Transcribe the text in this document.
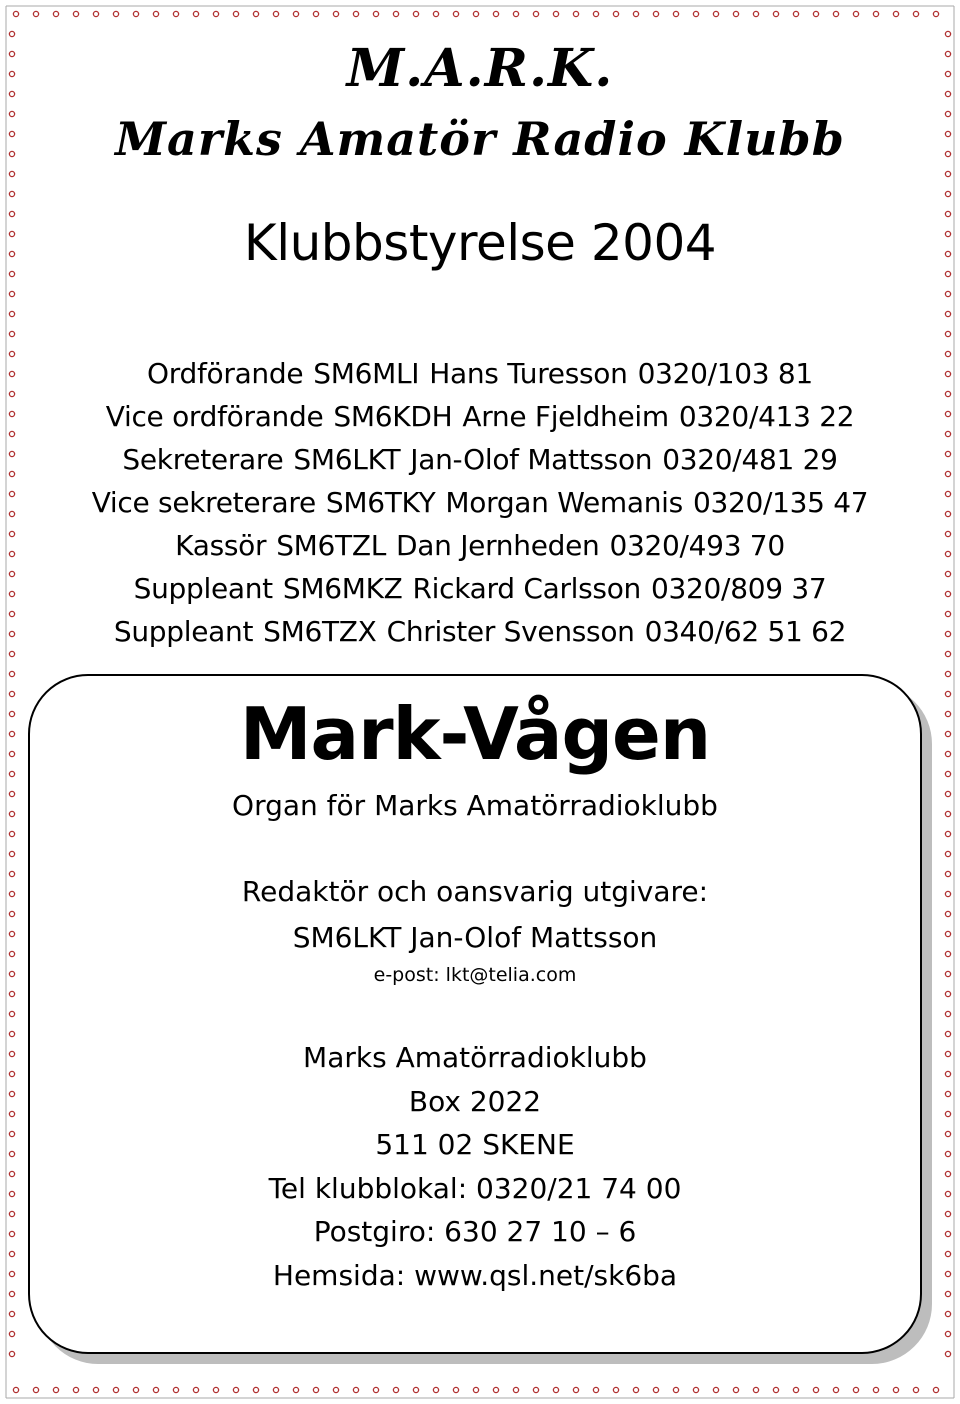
M.A.R.K.
Marks Amatör Radio Klubb
Klubbstyrelse 2004
Ordförande SM6MLI Hans Turesson 0320/103 81
Vice ordförande SM6KDH Arne Fjeldheim 0320/413 22
Sekreterare SM6LKT Jan-Olof Mattsson 0320/481 29
Vice sekreterare SM6TKY Morgan Wemanis 0320/135 47
Kassör SM6TZL Dan Jernheden 0320/493 70
Suppleant SM6MKZ Rickard Carlsson 0320/809 37
Suppleant SM6TZX Christer Svensson 0340/62 51 62
Mark-Vågen
Organ för Marks Amatörradioklubb
Redaktör och oansvarig utgivare:
SM6LKT Jan-Olof Mattsson
e-post: lkt@telia.com
Marks Amatörradioklubb
Box 2022
511 02 SKENE
Tel klubblokal: 0320/21 74 00
Postgiro: 630 27 10 – 6
Hemsida: www.qsl.net/sk6ba
